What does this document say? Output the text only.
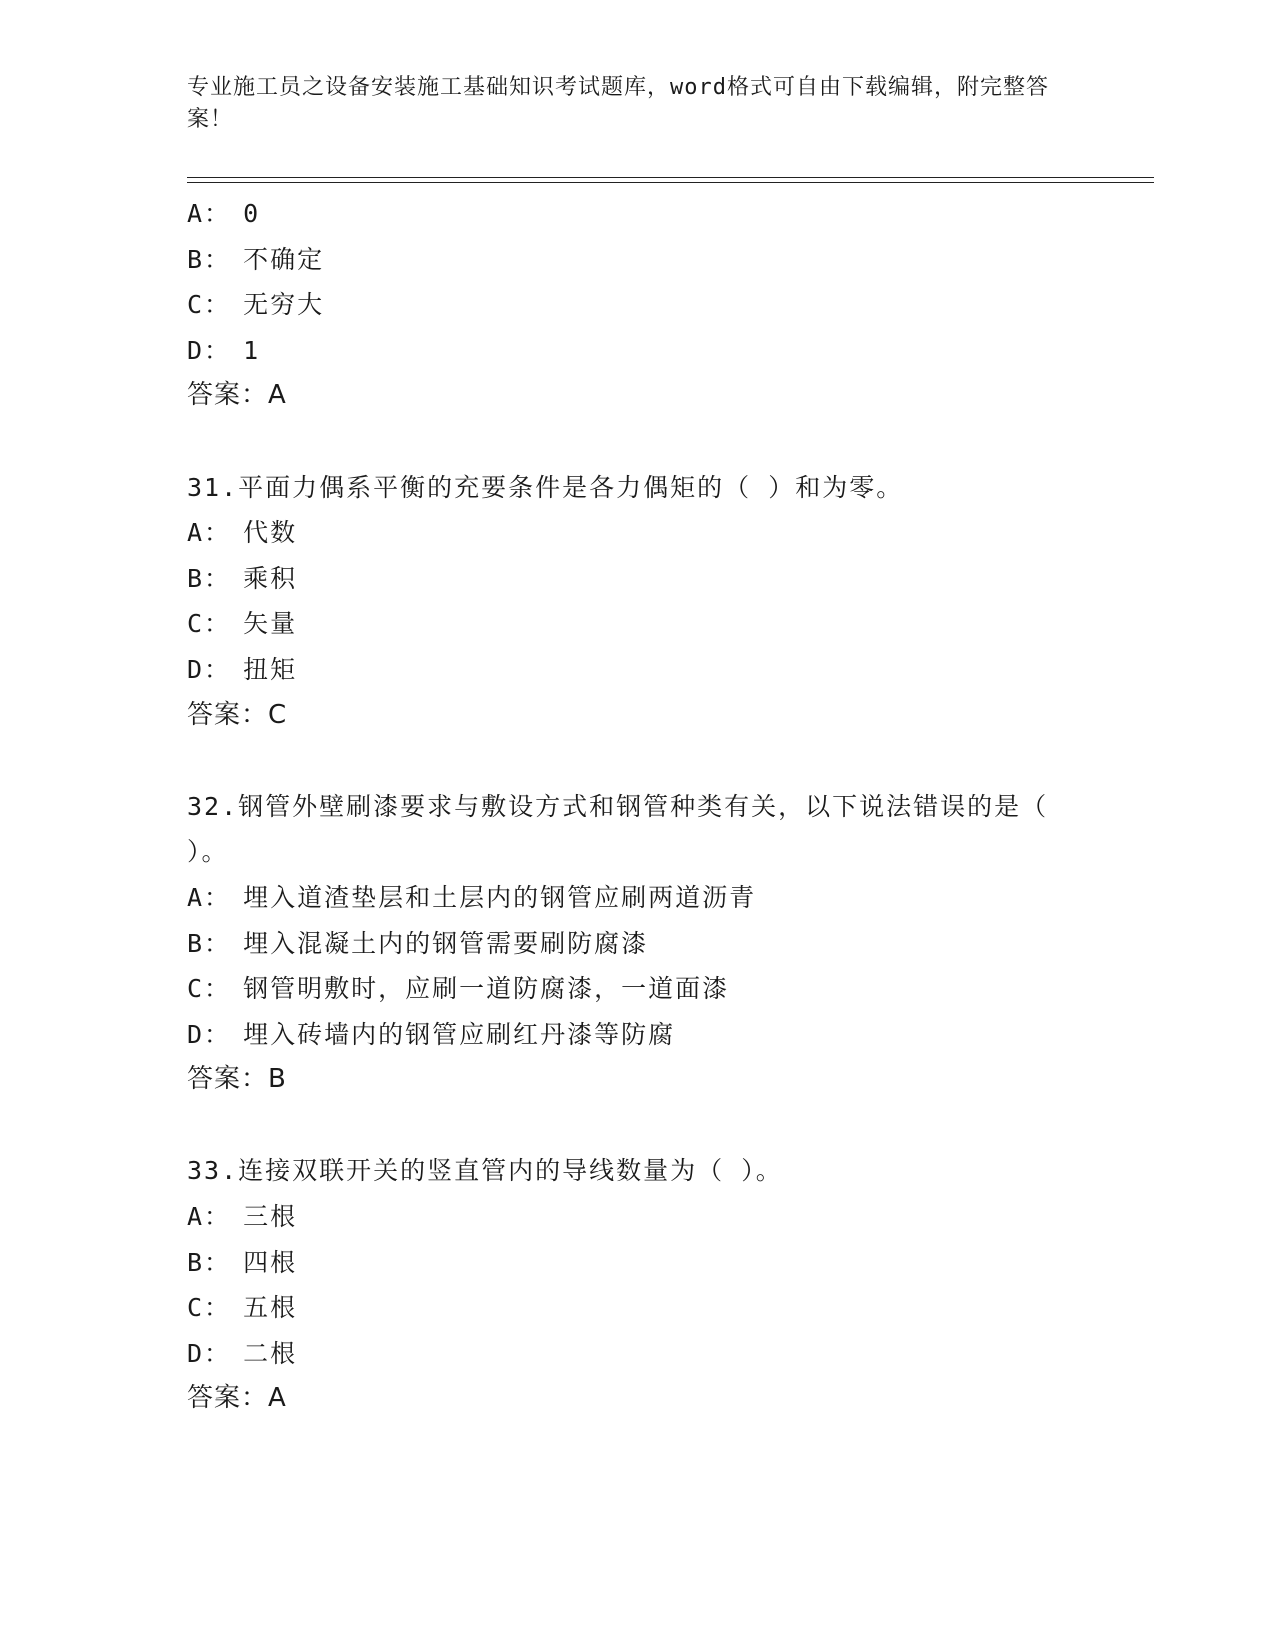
专业施工员之设备安装施工基础知识考试题库，word格式可自由下载编辑，附完整答案！
A： 0
B： 不确定
C： 无穷大
D： 1
答案：A
31.平面力偶系平衡的充要条件是各力偶矩的（ ）和为零。
A： 代数
B： 乘积
C： 矢量
D： 扭矩
答案：C
32.钢管外壁刷漆要求与敷设方式和钢管种类有关，以下说法错误的是（ ）。
A： 埋入道渣垫层和土层内的钢管应刷两道沥青
B： 埋入混凝土内的钢管需要刷防腐漆
C： 钢管明敷时，应刷一道防腐漆，一道面漆
D： 埋入砖墙内的钢管应刷红丹漆等防腐
答案：B
33.连接双联开关的竖直管内的导线数量为（ ）。
A： 三根
B： 四根
C： 五根
D： 二根
答案：A
